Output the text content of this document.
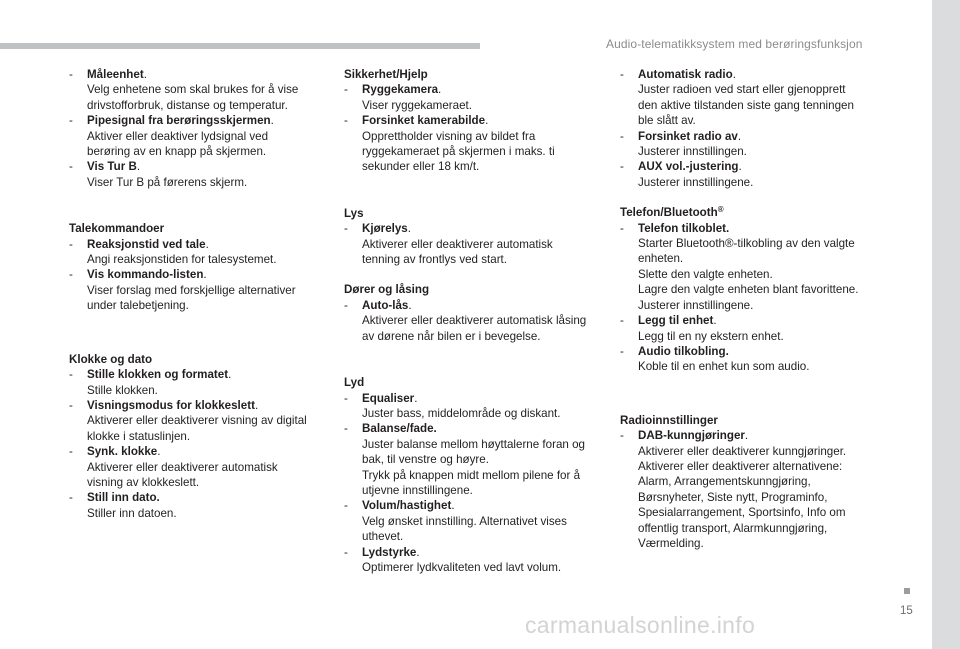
Audio-telematikksystem med berøringsfunksjon
15
carmanualsonline.info
- Måleenhet.
Velg enhetene som skal brukes for å vise
drivstofforbruk, distanse og temperatur.
- Pipesignal fra berøringsskjermen.
Aktiver eller deaktiver lydsignal ved
berøring av en knapp på skjermen.
- Vis Tur B.
Viser Tur B på førerens skjerm.
Talekommandoer
- Reaksjonstid ved tale.
Angi reaksjonstiden for talesystemet.
- Vis kommando-listen.
Viser forslag med forskjellige alternativer
under talebetjening.
Klokke og dato
- Stille klokken og formatet.
Stille klokken.
- Visningsmodus for klokkeslett.
Aktiverer eller deaktiverer visning av digital
klokke i statuslinjen.
- Synk. klokke.
Aktiverer eller deaktiverer automatisk
visning av klokkeslett.
- Still inn dato.
Stiller inn datoen.
Sikkerhet/Hjelp
- Ryggekamera.
Viser ryggekameraet.
- Forsinket kamerabilde.
Opprettholder visning av bildet fra
ryggekameraet på skjermen i maks. ti
sekunder eller 18 km/t.
Lys
- Kjørelys.
Aktiverer eller deaktiverer automatisk
tenning av frontlys ved start.
Dører og låsing
- Auto-lås.
Aktiverer eller deaktiverer automatisk låsing
av dørene når bilen er i bevegelse.
Lyd
- Equaliser.
Juster bass, middelområde og diskant.
- Balanse/fade.
Juster balanse mellom høyttalerne foran og
bak, til venstre og høyre.
Trykk på knappen midt mellom pilene for å
utjevne innstillingene.
- Volum/hastighet.
Velg ønsket innstilling. Alternativet vises
uthevet.
- Lydstyrke.
Optimerer lydkvaliteten ved lavt volum.
- Automatisk radio.
Juster radioen ved start eller gjenopprett
den aktive tilstanden siste gang tenningen
ble slått av.
- Forsinket radio av.
Justerer innstillingen.
- AUX vol.-justering.
Justerer innstillingene.
Telefon/Bluetooth®
- Telefon tilkoblet.
Starter Bluetooth®-tilkobling av den valgte
enheten.
Slette den valgte enheten.
Lagre den valgte enheten blant favorittene.
Justerer innstillingene.
- Legg til enhet.
Legg til en ny ekstern enhet.
- Audio tilkobling.
Koble til en enhet kun som audio.
Radioinnstillinger
- DAB-kunngjøringer.
Aktiverer eller deaktiverer kunngjøringer.
Aktiverer eller deaktiverer alternativene:
Alarm, Arrangementskunngjøring,
Børsnyheter, Siste nytt, Programinfo,
Spesialarrangement, Sportsinfo, Info om
offentlig transport, Alarmkunngjøring,
Værmelding.
